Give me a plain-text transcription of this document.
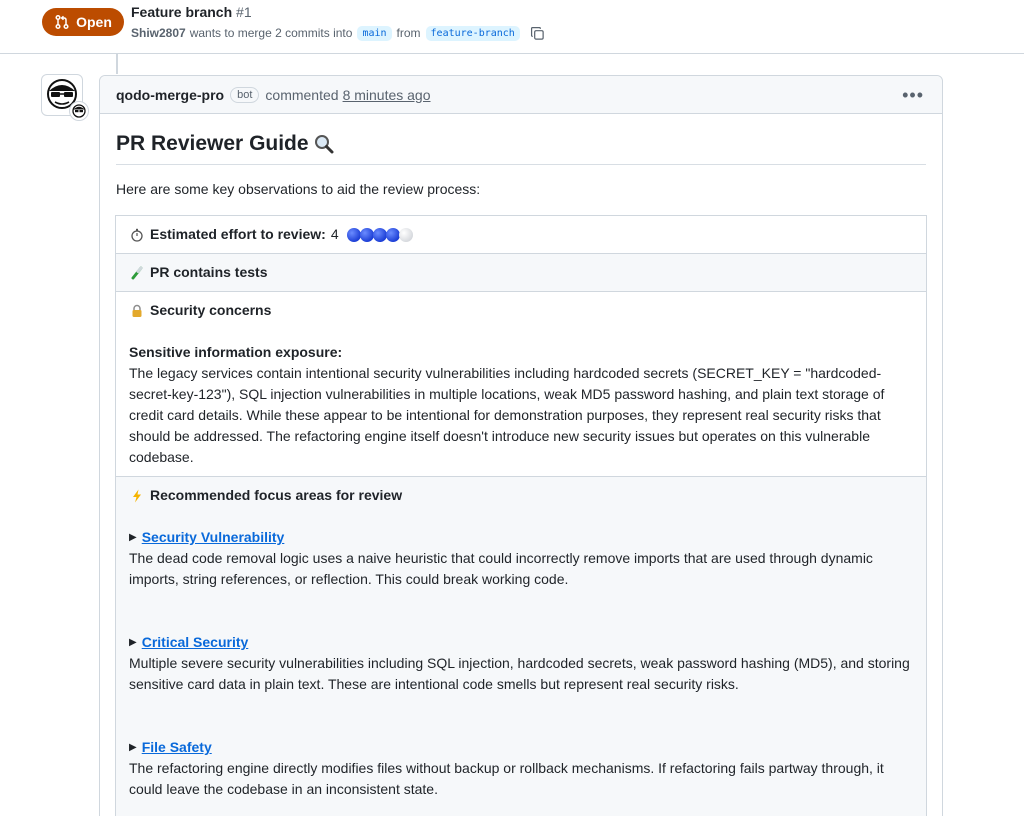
Open
Feature branch #1
Shiw2807 wants to merge 2 commits into	main from	feature-branch
qodo-merge-pro	bot commented 8 minutes ago	•••
PR Reviewer Guide
Here are some key observations to aid the review process:
Estimated effort to review: 4
PR contains tests
Security concerns
Sensitive information exposure:
The legacy services contain intentional security vulnerabilities including hardcoded secrets (SECRET_KEY = "hardcoded-secret-key-123"), SQL injection vulnerabilities in multiple locations, weak MD5 password hashing, and plain text storage of credit card details. While these appear to be intentional for demonstration purposes, they represent real security risks that should be addressed. The refactoring engine itself doesn't introduce new security issues but operates on this vulnerable codebase.
Recommended focus areas for review
▶ Security Vulnerability
The dead code removal logic uses a naive heuristic that could incorrectly remove imports that are used through dynamic imports, string references, or reflection. This could break working code.
▶ Critical Security
Multiple severe security vulnerabilities including SQL injection, hardcoded secrets, weak password hashing (MD5), and storing sensitive card data in plain text. These are intentional code smells but represent real security risks.
▶ File Safety
The refactoring engine directly modifies files without backup or rollback mechanisms. If refactoring fails partway through, it could leave the codebase in an inconsistent state.
